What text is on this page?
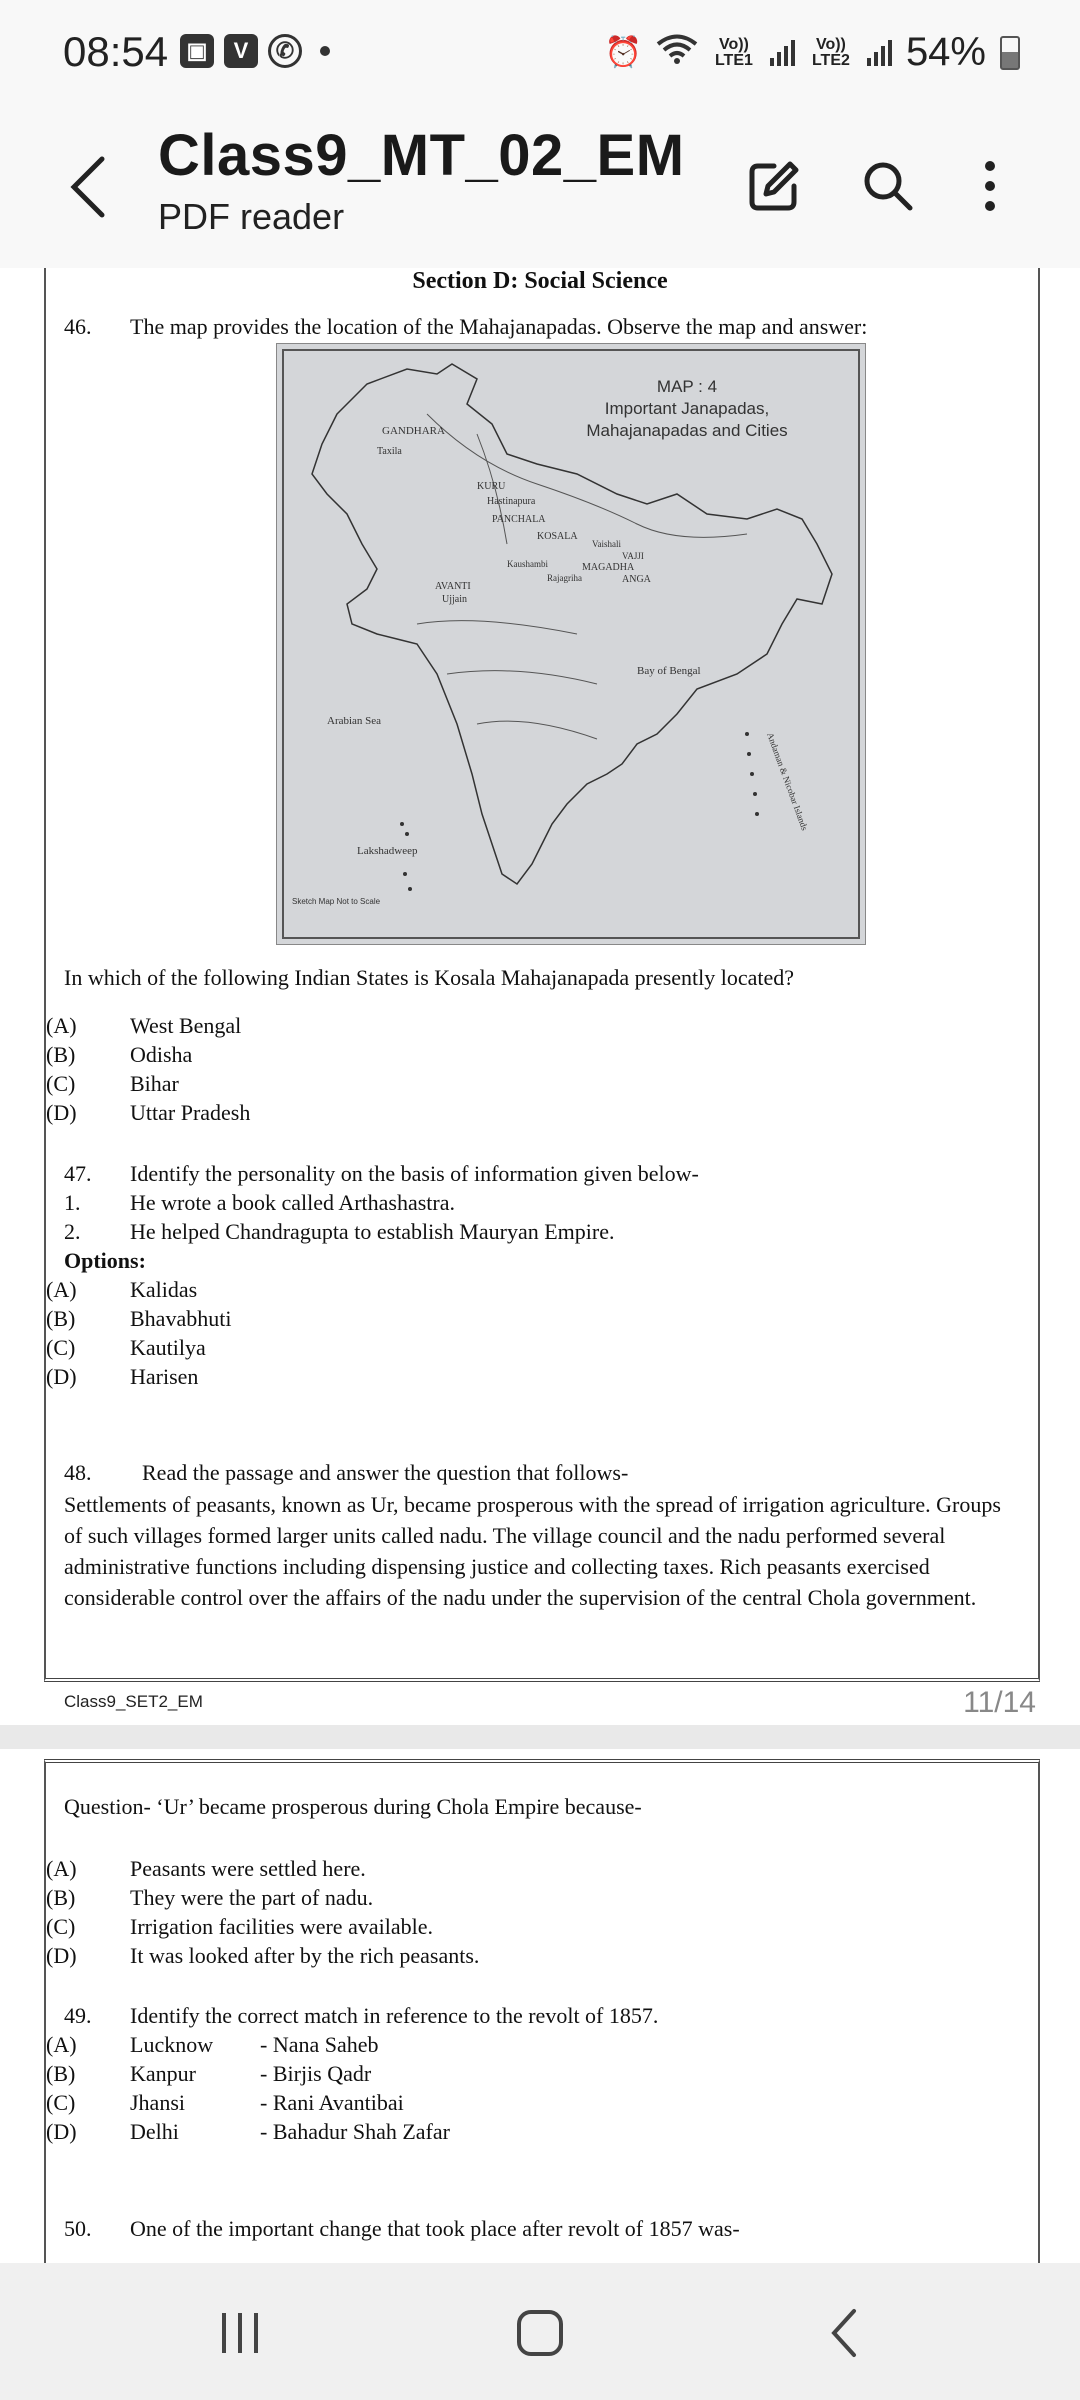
08:54 ▣	V	✆	⏰	Vo)) LTE1
Vo)) LTE2 54%
Class9_MT_02_EM
PDF reader
Section D: Social Science
46. The map provides the location of the Mahajanapadas. Observe the map and answer:
MAP : 4
Important Janapadas,
Mahajanapadas and Cities
GANDHARA
Taxila
KURU
Hastinapura
PANCHALA
KOSALA
Vaishali
VAJJI
Kaushambi	MAGADHA
Rajagriha	ANGA
AVANTI
Ujjain
Bay of Bengal
Arabian Sea
Lakshadweep
Andaman & Nicobar Islands
Sketch Map Not to Scale
In which of the following Indian States is Kosala Mahajanapada presently located?
(A) West Bengal
(B) Odisha
(C) Bihar
(D) Uttar Pradesh
47. Identify the personality on the basis of information given below-
1. He wrote a book called Arthashastra.
2. He helped Chandragupta to establish Mauryan Empire.
Options:
(A) Kalidas
(B) Bhavabhuti
(C) Kautilya
(D) Harisen
48. Read the passage and answer the question that follows-
Settlements of peasants, known as Ur, became prosperous with the spread of irrigation agriculture. Groups of such villages formed larger units called nadu. The village council and the nadu performed several administrative functions including dispensing justice and collecting taxes. Rich peasants exercised considerable control over the affairs of the nadu under the supervision of the central Chola government.
Class9_SET2_EM	11/14
Question- ‘Ur’ became prosperous during Chola Empire because-
(A) Peasants were settled here.
(B) They were the part of nadu.
(C) Irrigation facilities were available.
(D) It was looked after by the rich peasants.
49. Identify the correct match in reference to the revolt of 1857.
(A) Lucknow - Nana Saheb
(B) Kanpur	- Birjis Qadr
(C) Jhansi	- Rani Avantibai
(D) Delhi	- Bahadur Shah Zafar
50. One of the important change that took place after revolt of 1857 was-
